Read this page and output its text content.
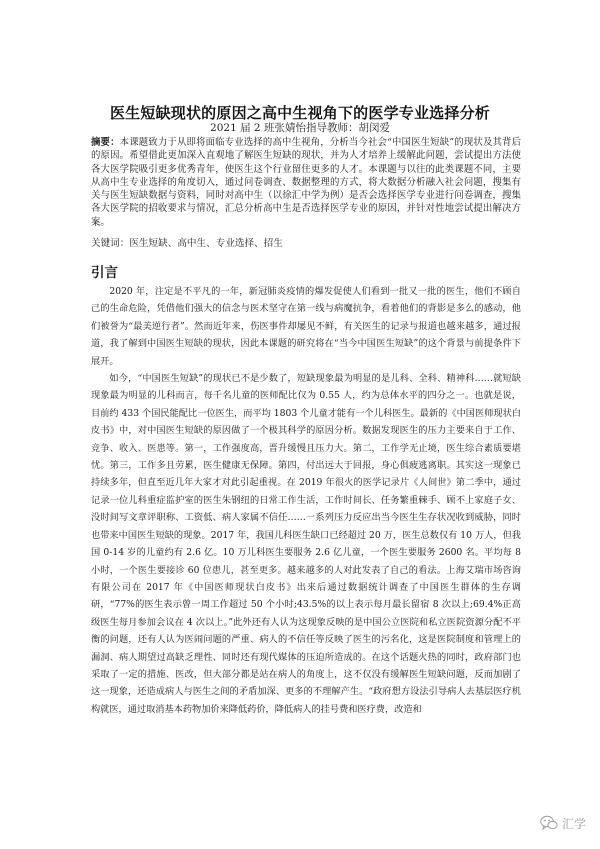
医生短缺现状的原因之高中生视角下的医学专业选择分析
2021 届 2 班张婧怡指导教师：胡闵爱

摘要：本课题致力于从即将面临专业选择的高中生视角，分析当今社会“中国医生短缺”的现状及其背后的原因。希望借此更加深入直观地了解医生短缺的现状，并为人才培养上缓解此问题，尝试提出方法使各大医学院吸引更多优秀青年，使医生这个行业留住更多的人才。本课题与以往的此类课题不同，主要从高中生专业选择的角度切入，通过问卷调查、数据整理的方式，将大数据分析融入社会问题，搜集有关与医生短缺数据与资料，同时对高中生（以徐汇中学为例）是否会选择医学专业进行问卷调查，搜集各大医学院的招收要求与情况，汇总分析高中生是否选择医学专业的原因，并针对性地尝试提出解决方案。

关键词：医生短缺、高中生、专业选择、招生

引言

2020 年，注定是不平凡的一年，新冠肺炎疫情的爆发促使人们看到一批又一批的医生，他们不顾自己的生命危险，凭借他们强大的信念与医术坚守在第一线与病魔抗争，看着他们的背影是多么的感动，他们被誉为“最美逆行者”。然而近年来，伤医事件却屡见不鲜，有关医生的记录与报道也越来越多，通过报道，我了解到中国医生短缺的现状，因此本课题的研究将在“当今中国医生短缺”的这个背景与前提条件下展开。

如今，“中国医生短缺”的现状已不是少数了，短缺现象最为明显的是儿科、全科、精神科……就短缺现象最为明显的儿科而言，每千名儿童的医师配比仅为 0.55 人，约为总体水平的四分之一。也就是说，目前约 433 个国民能配比一位医生，而平均 1803 个儿童才能有一个儿科医生。最新的《中国医师现状白皮书》中，对中国医生短缺的原因做了一个极其科学的原因分析。数据发现医生的压力主要来自于工作、竞争、收入、医患等。第一，工作强度高，晋升缓慢且压力大。第二，工作学无止境，医生综合素质要堪忧。第三，工作多且劳累，医生健康无保障。第四，付出远大于回报，身心俱疲逃离职。其实这一现象已持续多年，但直至近几年大家才对此引起重视。在 2019 年很火的医学记录片《人间世》第二季中，通过记录一位儿科重症监护室的医生朱钢纽的日常工作生活，工作时间长、任务繁重棘手、顾不上家庭子女、没时间写文章评职称、工资低、病人家属不信任……一系列压力反应出当今医生生存状况收到威胁，同时也带来中国医生短缺的现象。2017 年，我国儿科医生缺口已经超过 20 万，医生总数仅有 10 万人，但我国 0-14 岁的儿童约有 2.6 亿。10 万儿科医生要服务 2.6 亿儿童，一个医生要服务 2600 名。平均每 8 小时，一个医生要接诊 60 位患儿，甚至更多。越来越多的人对此发表了自己的看法。上海艾瑞市场咨询有限公司在 2017 年《中国医师现状白皮书》出来后通过数据统计调查了中国医生群体的生存调研，“77%的医生表示曾一周工作超过 50 个小时;43.5%的以上表示每月最长留宿 8 次以上;69.4%正高级医生每月参加会议在 4 次以上。”此外还有人认为这现象反映的是中国公立医院和私立医院资源分配不平衡的问题，还有人认为医闹问题的严重、病人的不信任等反映了医生的污名化，这是医院制度和管理上的漏洞、病人期望过高缺乏理性、同时还有现代媒体的压迫所造成的。在这个话题火热的同时，政府部门也采取了一定的措施、医改，但大部分都是站在病人的角度上，这不仅没有缓解医生短缺问题，反而加剧了这一现象，还造成病人与医生之间的矛盾加深、更多的不理解产生。“政府想方设法引导病人去基层医疗机构就医，通过取消基本药物加价来降低药价，降低病人的挂号费和医疗费，改造和

汇学
